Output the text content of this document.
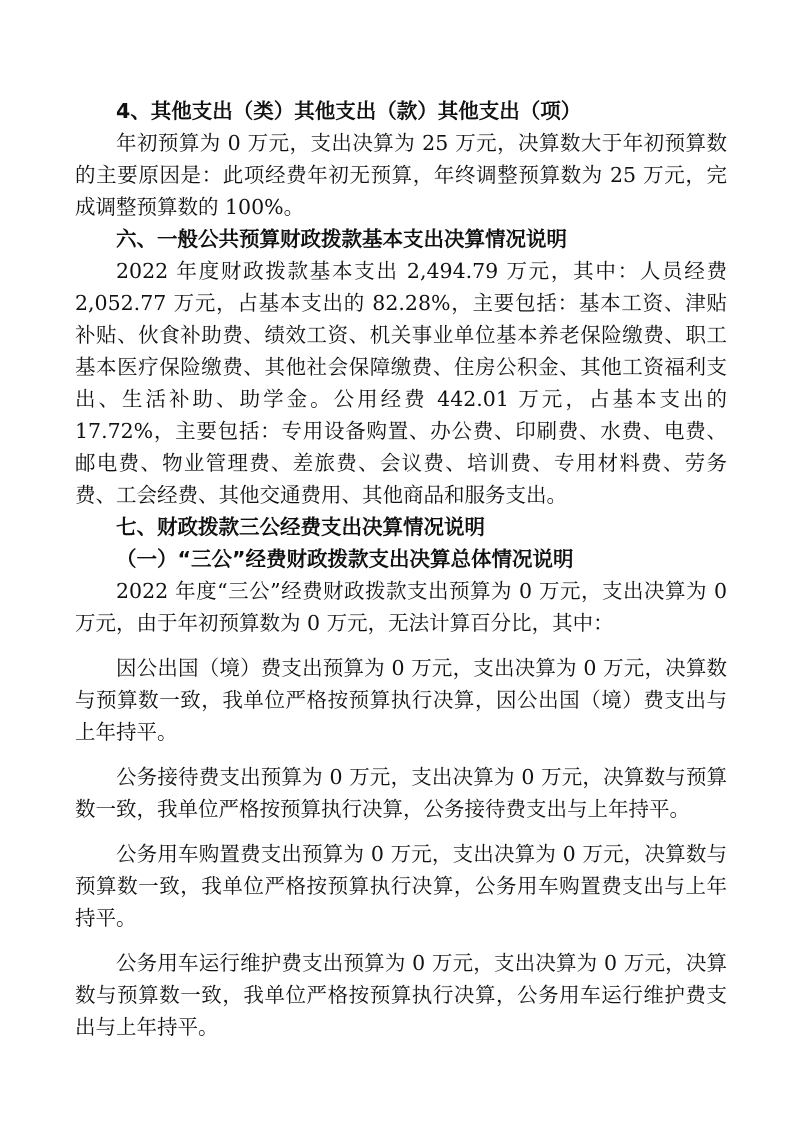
4、其他支出（类）其他支出（款）其他支出（项）

年初预算为 0 万元，支出决算为 25 万元，决算数大于年初预算数的主要原因是：此项经费年初无预算，年终调整预算数为 25 万元，完成调整预算数的 100%。

六、一般公共预算财政拨款基本支出决算情况说明

2022 年度财政拨款基本支出 2,494.79 万元，其中：人员经费 2,052.77 万元，占基本支出的 82.28%，主要包括：基本工资、津贴补贴、伙食补助费、绩效工资、机关事业单位基本养老保险缴费、职工基本医疗保险缴费、其他社会保障缴费、住房公积金、其他工资福利支出、生活补助、助学金。公用经费 442.01 万元，占基本支出的 17.72%，主要包括：专用设备购置、办公费、印刷费、水费、电费、邮电费、物业管理费、差旅费、会议费、培训费、专用材料费、劳务费、工会经费、其他交通费用、其他商品和服务支出。

七、财政拨款三公经费支出决算情况说明

（一）“三公”经费财政拨款支出决算总体情况说明

2022 年度“三公”经费财政拨款支出预算为 0 万元，支出决算为 0 万元，由于年初预算数为 0 万元，无法计算百分比，其中：

因公出国（境）费支出预算为 0 万元，支出决算为 0 万元，决算数与预算数一致，我单位严格按预算执行决算，因公出国（境）费支出与上年持平。

公务接待费支出预算为 0 万元，支出决算为 0 万元，决算数与预算数一致，我单位严格按预算执行决算，公务接待费支出与上年持平。

公务用车购置费支出预算为 0 万元，支出决算为 0 万元，决算数与预算数一致，我单位严格按预算执行决算，公务用车购置费支出与上年持平。

公务用车运行维护费支出预算为 0 万元，支出决算为 0 万元，决算数与预算数一致，我单位严格按预算执行决算，公务用车运行维护费支出与上年持平。
